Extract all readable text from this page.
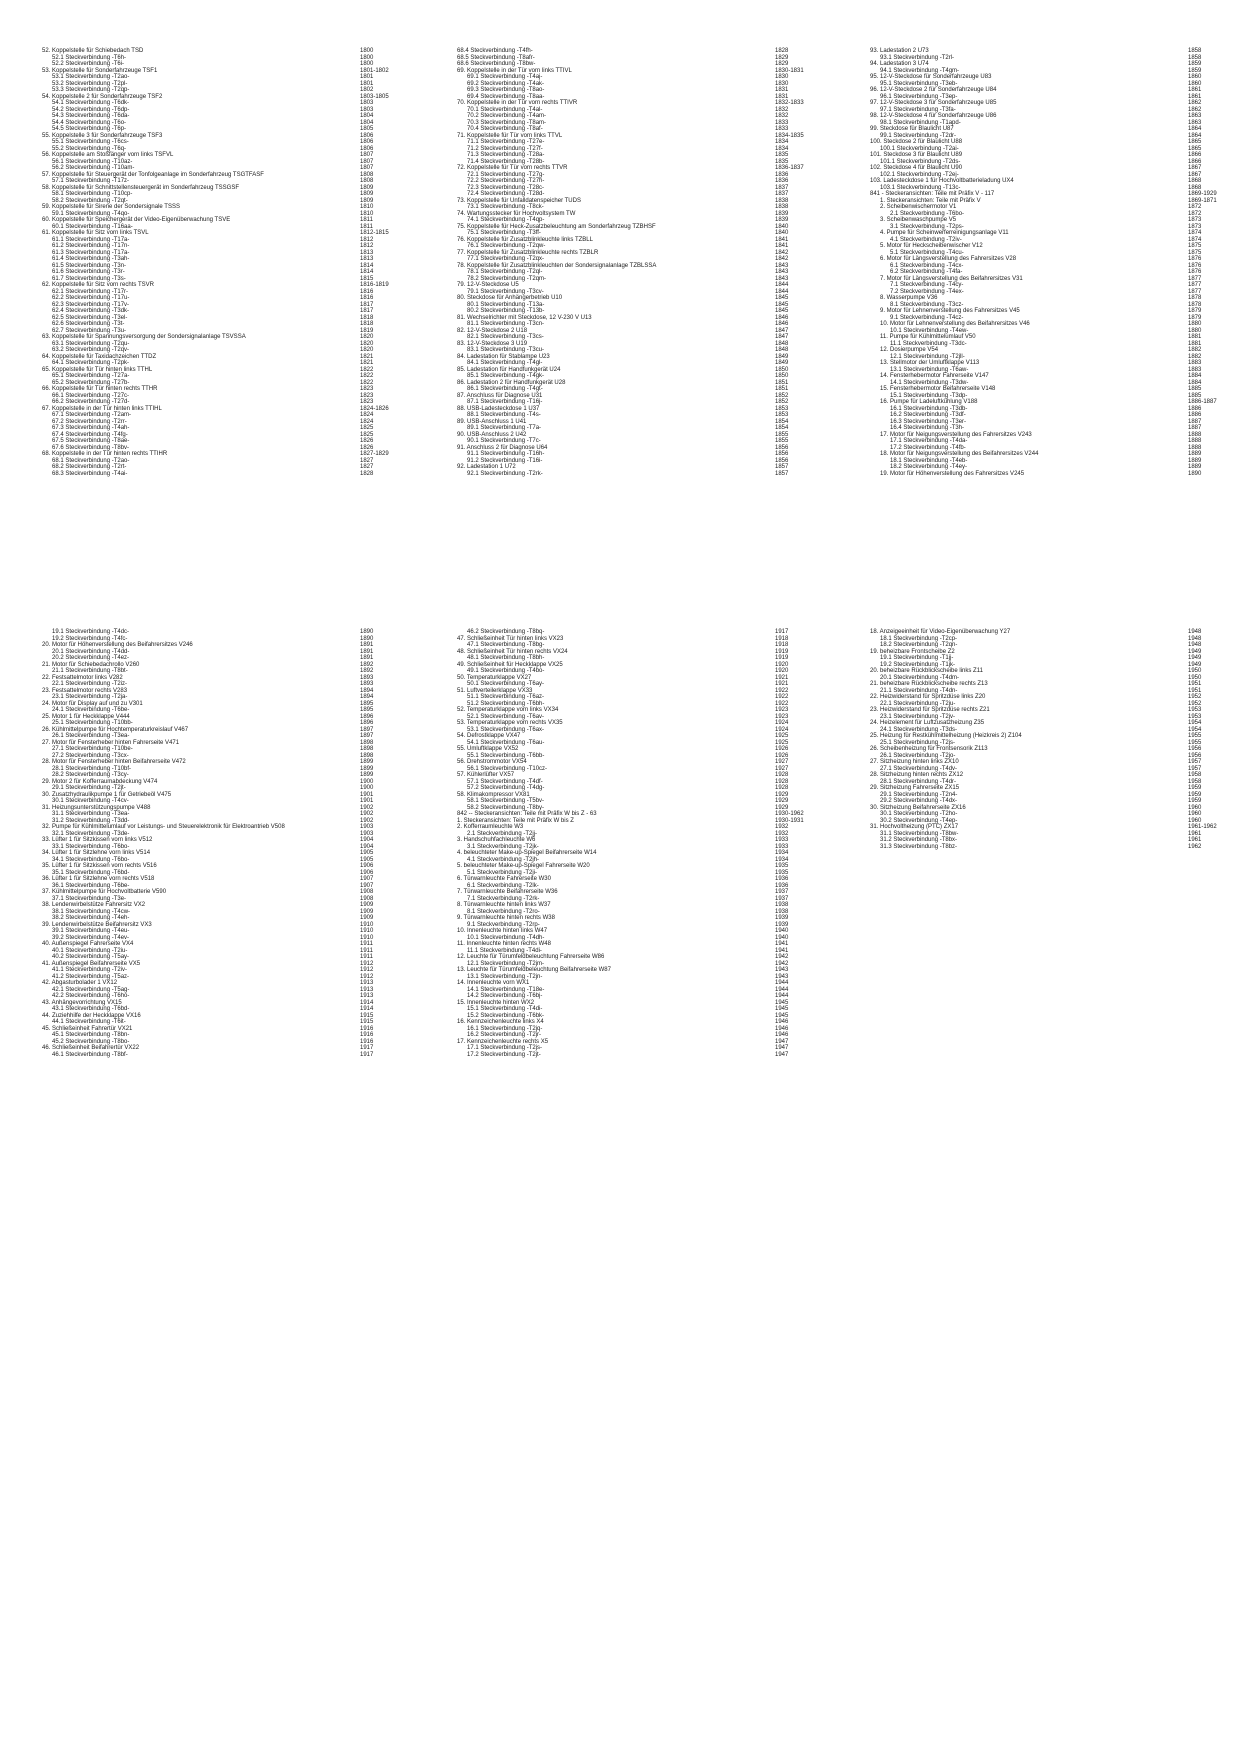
52. Koppelstelle für Schiebedach TSD	1800
52.1 Steckverbindung -T6h-	1800
52.2 Steckverbindung -T6i-	1800
53. Koppelstelle für Sonderfahrzeuge TSF1	1801-1802
53.1 Steckverbindung -T2ao-	1801
53.2 Steckverbindung -T2pl-	1801
53.3 Steckverbindung -T2qp-	1802
54. Koppelstelle 2 für Sonderfahrzeuge TSF2	1803-1805
54.1 Steckverbindung -T6dk-	1803
54.2 Steckverbindung -T6dp-	1803
54.3 Steckverbindung -T6da-	1804
54.4 Steckverbindung -T6o-	1804
54.5 Steckverbindung -T6p-	1805
55. Koppelstelle 3 für Sonderfahrzeuge TSF3	1806
55.1 Steckverbindung -T6cs-	1806
55.2 Steckverbindung -T6q-	1806
56. Koppelstelle am Stoßfänger vorn links TSFVL	1807
56.1 Steckverbindung -T10az-	1807
56.2 Steckverbindung -T10am-	1807
57. Koppelstelle für Steuergerät der Tonfolgeanlage im Sonderfahrzeug TSGTFASF	1808
57.1 Steckverbindung -T17z-	1808
58. Koppelstelle für Schnittstellensteuergerät im Sonderfahrzeug TSSGSF	1809
58.1 Steckverbindung -T10cp-	1809
58.2 Steckverbindung -T2qt-	1809
59. Koppelstelle für Sirene der Sondersignale TSSS	1810
59.1 Steckverbindung -T4qo-	1810
60. Koppelstelle für Speichergerät der Video-Eigenüberwachung TSVE	1811
60.1 Steckverbindung -T16aa-	1811
61. Koppelstelle für Sitz vorn links TSVL	1812-1815
61.1 Steckverbindung -T17a-	1812
61.2 Steckverbindung -T17n-	1812
61.3 Steckverbindung -T17a-	1813
61.4 Steckverbindung -T3ah-	1813
61.5 Steckverbindung -T3n-	1814
61.6 Steckverbindung -T3r-	1814
61.7 Steckverbindung -T3s-	1815
62. Koppelstelle für Sitz vorn rechts TSVR	1816-1819
62.1 Steckverbindung -T17r-	1816
62.2 Steckverbindung -T17u-	1816
62.3 Steckverbindung -T17v-	1817
62.4 Steckverbindung -T3dk-	1817
62.5 Steckverbindung -T3el-	1818
62.6 Steckverbindung -T3t-	1818
62.7 Steckverbindung -T3u-	1819
63. Koppelstelle für Spannungsversorgung der Sondersignalanlage TSVSSA	1820
63.1 Steckverbindung -T2qu-	1820
63.2 Steckverbindung -T2qv-	1820
64. Koppelstelle für Taxidachzeichen TTDZ	1821
64.1 Steckverbindung -T2pk-	1821
65. Koppelstelle für Tür hinten links TTHL	1822
65.1 Steckverbindung -T27a-	1822
65.2 Steckverbindung -T27b-	1822
66. Koppelstelle für Tür hinten rechts TTHR	1823
66.1 Steckverbindung -T27c-	1823
66.2 Steckverbindung -T27d-	1823
67. Koppelstelle in der Tür hinten links TTIHL	1824-1826
67.1 Steckverbindung -T2am-	1824
67.2 Steckverbindung -T2rr-	1824
67.3 Steckverbindung -T4ah-	1825
67.4 Steckverbindung -T4fg-	1825
67.5 Steckverbindung -T8ae-	1826
67.6 Steckverbindung -T8bv-	1826
68. Koppelstelle in der Tür hinten rechts TTIHR	1827-1829
68.1 Steckverbindung -T2ao-	1827
68.2 Steckverbindung -T2rt-	1827
68.3 Steckverbindung -T4ai-	1828
68.4 Steckverbindung -T4fh-	1828
68.5 Steckverbindung -T8afr-	1829
68.6 Steckverbindung -T8bw-	1829
69. Koppelstelle in der Tür vorn links TTIVL	1830-1831
69.1 Steckverbindung -T4aj-	1830
69.2 Steckverbindung -T4ak-	1830
69.3 Steckverbindung -T8ao-	1831
69.4 Steckverbindung -T8aa-	1831
70. Koppelstelle in der Tür vorn rechts TTIVR	1832-1833
70.1 Steckverbindung -T4al-	1832
70.2 Steckverbindung -T4am-	1832
70.3 Steckverbindung -T8am-	1833
70.4 Steckverbindung -T8af-	1833
71. Koppelstelle für Tür vorn links TTVL	1834-1835
71.1 Steckverbindung -T27e-	1834
71.2 Steckverbindung -T27f-	1834
71.3 Steckverbindung -T28a-	1835
71.4 Steckverbindung -T28b-	1835
72. Koppelstelle für Tür vorn rechts TTVR	1836-1837
72.1 Steckverbindung -T27g-	1836
72.2 Steckverbindung -T27h-	1836
72.3 Steckverbindung -T28c-	1837
72.4 Steckverbindung -T28d-	1837
73. Koppelstelle für Unfalldatenspeicher TUDS	1838
73.1 Steckverbindung -T8ck-	1838
74. Wartungsstecker für Hochvoltsystem TW	1839
74.1 Steckverbindung -T4qp-	1839
75. Koppelstelle für Heck-Zusatzbeleuchtung am Sonderfahrzeug TZBHSF	1840
75.1 Steckverbindung -T3ff-	1840
76. Koppelstelle für Zusatzblinkleuchte links TZBLL	1841
76.1 Steckverbindung -T2qw-	1841
77. Koppelstelle für Zusatzblinkleuchte rechts TZBLR	1842
77.1 Steckverbindung -T2qx-	1842
78. Koppelstelle für Zusatzblinkleuchten der Sondersignalanlage TZBLSSA	1843
78.1 Steckverbindung -T2ql-	1843
78.2 Steckverbindung -T2qm-	1843
79. 12-V-Steckdose U5	1844
79.1 Steckverbindung -T3cv-	1844
80. Steckdose für Anhängerbetrieb U10	1845
80.1 Steckverbindung -T13a-	1845
80.2 Steckverbindung -T13b-	1845
81. Wechselrichter mit Steckdose, 12 V-230 V U13	1846
81.1 Steckverbindung -T3cn-	1846
82. 12-V-Steckdose 2 U18	1847
82.1 Steckverbindung -T3cs-	1847
83. 12-V-Steckdose 3 U19	1848
83.1 Steckverbindung -T3cu-	1848
84. Ladestation für Stablampe U23	1849
84.1 Steckverbindung -T4gl-	1849
85. Ladestation für Handfunkgerät U24	1850
85.1 Steckverbindung -T4gk-	1850
86. Ladestation 2 für Handfunkgerät U28	1851
86.1 Steckverbindung -T4gt-	1851
87. Anschluss für Diagnose U31	1852
87.1 Steckverbindung -T16j-	1852
88. USB-Ladesteckdose 1 U37	1853
88.1 Steckverbindung -T4s-	1853
89. USB-Anschluss 1 U41	1854
89.1 Steckverbindung -T7a-	1854
90. USB-Anschluss 2 U42	1855
90.1 Steckverbindung -T7c-	1855
91. Anschluss 2 für Diagnose U64	1856
91.1 Steckverbindung -T16h-	1856
91.2 Steckverbindung -T16i-	1856
92. Ladestation 1 U72	1857
92.1 Steckverbindung -T2rk-	1857
93. Ladestation 2 U73	1858
93.1 Steckverbindung -T2rl-	1858
94. Ladestation 3 U74	1859
94.1 Steckverbindung -T4gm-	1859
95. 12-V-Steckdose für Sonderfahrzeuge U83	1860
95.1 Steckverbindung -T3eb-	1860
96. 12-V-Steckdose 2 für Sonderfahrzeuge U84	1861
96.1 Steckverbindung -T3ep-	1861
97. 12-V-Steckdose 3 für Sonderfahrzeuge U85	1862
97.1 Steckverbindung -T3fa-	1862
98. 12-V-Steckdose 4 für Sonderfahrzeuge U86	1863
98.1 Steckverbindung -T1apd-	1863
99. Steckdose für Blaulicht U87	1864
99.1 Steckverbindung -T2dr-	1864
100. Steckdose 2 für Blaulicht U88	1865
100.1 Steckverbindung -T2ai-	1865
101. Steckdose 3 für Blaulicht U89	1866
101.1 Steckverbindung -T2ds-	1866
102. Steckdose 4 für Blaulicht U90	1867
102.1 Steckverbindung -T2ej-	1867
103. Ladesteckdose 1 für Hochvoltbatterieladung UX4	1868
103.1 Steckverbindung -T13c-	1868
841 - Steckeransichten: Teile mit Präfix V - 117	1869-1929
1. Steckeransichten: Teile mit Präfix V	1869-1871
2. Scheibenwischermotor V1	1872
2.1 Steckverbindung -T6bo-	1872
3. Scheibenwaschpumpe V5	1873
3.1 Steckverbindung -T2ps-	1873
4. Pumpe für Scheinwerferreinigungsanlage V11	1874
4.1 Steckverbindung -T2iv-	1874
5. Motor für Heckscheibenwischer V12	1875
5.1 Steckverbindung -T4cu-	1875
6. Motor für Längsverstellung des Fahrersitzes V28	1876
6.1 Steckverbindung -T4cx-	1876
6.2 Steckverbindung -T4fa-	1876
7. Motor für Längsverstellung des Beifahrersitzes V31	1877
7.1 Steckverbindung -T4cy-	1877
7.2 Steckverbindung -T4ex-	1877
8. Wasserpumpe V36	1878
8.1 Steckverbindung -T3cz-	1878
9. Motor für Lehnenverstellung des Fahrersitzes V45	1879
9.1 Steckverbindung -T4cz-	1879
10. Motor für Lehnenverstellung des Beifahrersitzes V46	1880
10.1 Steckverbindung -T4ew-	1880
11. Pumpe für Kühlmittelumlauf V50	1881
11.1 Steckverbindung -T3dc-	1881
12. Dosierpumpe V54	1882
12.1 Steckverbindung -T2jll-	1882
13. Stellmotor der Umluftklappe V113	1883
13.1 Steckverbindung -T6aw-	1883
14. Fensterhebermotor Fahrerseite V147	1884
14.1 Steckverbindung -T3dw-	1884
15. Fensterhebermotor Beifahrerseite V148	1885
15.1 Steckverbindung -T3dp-	1885
16. Pumpe für Ladeluftkühlung V188	1886-1887
16.1 Steckverbindung -T3db-	1886
16.2 Steckverbindung -T3df-	1886
16.3 Steckverbindung -T3er-	1887
16.4 Steckverbindung -T3h-	1887
17. Motor für Neigungsverstellung des Fahrersitzes V243	1888
17.1 Steckverbindung -T4da-	1888
17.2 Steckverbindung -T4fb-	1888
18. Motor für Neigungsverstellung des Beifahrersitzes V244	1889
18.1 Steckverbindung -T4eb-	1889
18.2 Steckverbindung -T4ey-	1889
19. Motor für Höhenverstellung des Fahrersitzes V245	1890
19.1 Steckverbindung -T4dc-	1890
19.2 Steckverbindung -T4fc-	1890
20. Motor für Höhenverstellung des Beifahrersitzes V246	1891
20.1 Steckverbindung -T4dd-	1891
20.2 Steckverbindung -T4ez-	1891
21. Motor für Schiebedachrollo V260	1892
21.1 Steckverbindung -T8bt-	1892
22. Festsattelmotor links V282	1893
22.1 Steckverbindung -T2iz-	1893
23. Festsattelmotor rechts V283	1894
23.1 Steckverbindung -T2ja-	1894
24. Motor für Display auf und zu V301	1895
24.1 Steckverbindung -T6be-	1895
25. Motor 1 für Heckklappe V444	1896
25.1 Steckverbindung -T10bb-	1896
26. Kühlmittelpumpe für Hochtemperaturkreislauf V467	1897
26.1 Steckverbindung -T3ea-	1897
27. Motor für Fensterheber hinten Fahrerseite V471	1898
27.1 Steckverbindung -T10be-	1898
27.2 Steckverbindung -T3cx-	1898
28. Motor für Fensterheber hinten Beifahrerseite V472	1899
28.1 Steckverbindung -T10bf-	1899
28.2 Steckverbindung -T3cy-	1899
29. Motor 2 für Kofferraumabdeckung V474	1900
29.1 Steckverbindung -T2jt-	1900
30. Zusatzhydraulikpumpe 1 für Getriebeöl V475	1901
30.1 Steckverbindung -T4cv-	1901
31. Heizungsunterstützungspumpe V488	1902
31.1 Steckverbindung -T3ea-	1902
31.2 Steckverbindung -T3dd-	1902
32. Pumpe für Kühlmittelumlauf vor Leistungs- und Steuerelektronik für Elektroantrieb V508	1903
32.1 Steckverbindung -T3de-	1903
33. Lüfter 1 für Sitzkissen vorn links V512	1904
33.1 Steckverbindung -T6bo-	1904
34. Lüfter 1 für Sitzlehne vorn links V514	1905
34.1 Steckverbindung -T6bo-	1905
35. Lüfter 1 für Sitzkissen vorn rechts V516	1906
35.1 Steckverbindung -T6bd-	1906
36. Lüfter 1 für Sitzlehne vorn rechts V518	1907
36.1 Steckverbindung -T6be-	1907
37. Kühlmittelpumpe für Hochvoltbatterie V590	1908
37.1 Steckverbindung -T3e-	1908
38. Lendenwirbelstütze Fahrersitz VX2	1909
38.1 Steckverbindung -T4cw-	1909
38.2 Steckverbindung -T4eh-	1909
39. Lendenwirbelstütze Beifahrersitz VX3	1910
39.1 Steckverbindung -T4eu-	1910
39.2 Steckverbindung -T4ev-	1910
40. Außenspiegel Fahrerseite VX4	1911
40.1 Steckverbindung -T2iu-	1911
40.2 Steckverbindung -T5ay-	1911
41. Außenspiegel Beifahrerseite VX5	1912
41.1 Steckverbindung -T2iv-	1912
41.2 Steckverbindung -T5az-	1912
42. Abgasturbolader 1 VX12	1913
42.1 Steckverbindung -T5ag-	1913
42.2 Steckverbindung -T6ho-	1913
43. Anhängevorrichtung VX15	1914
43.1 Steckverbindung -T6bd-	1914
44. Zuziehhilfe der Heckklappe VX16	1915
44.1 Steckverbindung -T6it-	1915
45. Schließeinheit Fahrertür VX21	1916
45.1 Steckverbindung -T8bn-	1916
45.2 Steckverbindung -T8bo-	1916
46. Schließeinheit Beifahrertür VX22	1917
46.1 Steckverbindung -T8bf-	1917
46.2 Steckverbindung -T8bq-	1917
47. Schließeinheit Tür hinten links VX23	1918
47.1 Steckverbindung -T8bg-	1918
48. Schließeinheit Tür hinten rechts VX24	1919
48.1 Steckverbindung -T8bh-	1919
49. Schließeinheit für Heckklappe VX25	1920
49.1 Steckverbindung -T4bo-	1920
50. Temperaturklappe VX27	1921
50.1 Steckverbindung -T6ay-	1921
51. Luftverteilerklappe VX33	1922
51.1 Steckverbindung -T6az-	1922
51.2 Steckverbindung -T6bh-	1922
52. Temperaturklappe vorn links VX34	1923
52.1 Steckverbindung -T6av-	1923
53. Temperaturklappe vorn rechts VX35	1924
53.1 Steckverbindung -T6ax-	1924
54. Defrostklappe VX47	1925
54.1 Steckverbindung -T6au-	1925
55. Umluftklappe VX52	1926
55.1 Steckverbindung -T6bb-	1926
56. Drehstrommotor VX54	1927
56.1 Steckverbindung -T10cz-	1927
57. Kühlerlüfter VX57	1928
57.1 Steckverbindung -T4df-	1928
57.2 Steckverbindung -T4dg-	1928
58. Klimakompressor VX81	1929
58.1 Steckverbindung -T5bv-	1929
58.2 Steckverbindung -T8by-	1929
842 -- Steckeransichten: Teile mit Präfix W bis Z - 63	1930-1962
1. Steckeransichten: Teile mit Präfix W bis Z	1930-1931
2. Kofferraumleuchte W3	1932
2.1 Steckverbindung -T2jj-	1932
3. Handschuhfachleuchte W6	1933
3.1 Steckverbindung -T2jk-	1933
4. beleuchteter Make-up-Spiegel Beifahrerseite W14	1934
4.1 Steckverbindung -T2jh-	1934
5. beleuchteter Make-up-Spiegel Fahrerseite W20	1935
5.1 Steckverbindung -T2ji-	1935
6. Türwarnleuchte Fahrerseite W30	1936
6.1 Steckverbindung -T2lk-	1936
7. Türwarnleuchte Beifahrerseite W36	1937
7.1 Steckverbindung -T2rk-	1937
8. Türwarnleuchte hinten links W37	1938
8.1 Steckverbindung -T2ro-	1938
9. Türwarnleuchte hinten rechts W38	1939
9.1 Steckverbindung -T2rp-	1939
10. Innenleuchte hinten links W47	1940
10.1 Steckverbindung -T4dh-	1940
11. Innenleuchte hinten rechts W48	1941
11.1 Steckverbindung -T4di-	1941
12. Leuchte für Türumfeldbeleuchtung Fahrerseite W86	1942
12.1 Steckverbindung -T2jm-	1942
13. Leuchte für Türumfeldbeleuchtung Beifahrerseite W87	1943
13.1 Steckverbindung -T2jn-	1943
14. Innenleuchte vorn WX1	1944
14.1 Steckverbindung -T18e-	1944
14.2 Steckverbindung -T6bj-	1944
15. Innenleuchte hinten WX2	1945
15.1 Steckverbindung -T4di-	1945
15.2 Steckverbindung -T6bk-	1945
16. Kennzeichenleuchte links X4	1946
16.1 Steckverbindung -T2jq-	1946
16.2 Steckverbindung -T2jr-	1946
17. Kennzeichenleuchte rechts X5	1947
17.1 Steckverbindung -T2js-	1947
17.2 Steckverbindung -T2jt-	1947
18. Anzeigeeinheit für Video-Eigenüberwachung Y27	1948
18.1 Steckverbindung -T2cp-	1948
18.2 Steckverbindung -T2qn-	1948
19. beheizbare Frontscheibe Z2	1949
19.1 Steckverbindung -T1jj-	1949
19.2 Steckverbindung -T1jk-	1949
20. beheizbare Rückblickscheibe links Z11	1950
20.1 Steckverbindung -T4dm-	1950
21. beheizbare Rückblickscheibe rechts Z13	1951
21.1 Steckverbindung -T4dn-	1951
22. Heizwiderstand für Spritzdüse links Z20	1952
22.1 Steckverbindung -T2ju-	1952
23. Heizwiderstand für Spritzdüse rechts Z21	1953
23.1 Steckverbindung -T2jv-	1953
24. Heizelement für Luftzusatzheizung Z35	1954
24.1 Steckverbindung -T3ds-	1954
25. Heizung für Restkühlmittelheizung (Heizkreis 2) Z104	1955
25.1 Steckverbindung -T2js-	1955
26. Scheibenheizung für Frontsensorik Z113	1956
26.1 Steckverbindung -T2jo-	1956
27. Sitzheizung hinten links ZX10	1957
27.1 Steckverbindung -T4dv-	1957
28. Sitzheizung hinten rechts ZX12	1958
28.1 Steckverbindung -T4dr-	1958
29. Sitzheizung Fahrerseite ZX15	1959
29.1 Steckverbindung -T2n4-	1959
29.2 Steckverbindung -T4dx-	1959
30. Sitzheizung Beifahrerseite ZX16	1960
30.1 Steckverbindung -T2ho-	1960
30.2 Steckverbindung -T4ep-	1960
31. Hochvoltheizung (PTC) ZX17	1961-1962
31.1 Steckverbindung -T8bw-	1961
31.2 Steckverbindung -T8bx-	1961
31.3 Steckverbindung -T8bz-	1962
